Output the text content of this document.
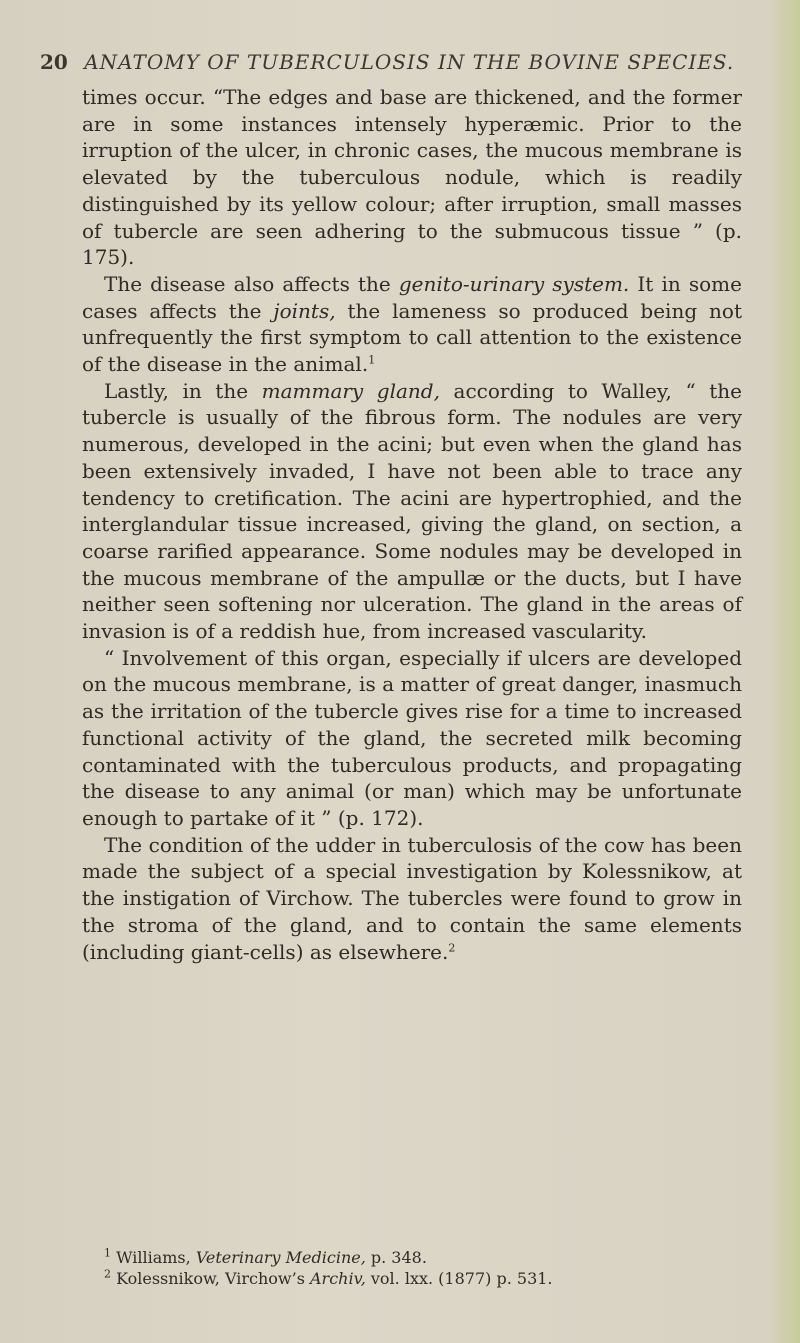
20 ANATOMY OF TUBERCULOSIS IN THE BOVINE SPECIES.

times occur. “The edges and base are thickened, and the former are in some instances intensely hyperæmic. Prior to the irruption of the ulcer, in chronic cases, the mucous membrane is elevated by the tuberculous nodule, which is readily distinguished by its yellow colour; after irruption, small masses of tubercle are seen adhering to the submucous tissue ” (p. 175).

The disease also affects the genito-urinary system. It in some cases affects the joints, the lameness so produced being not unfrequently the first symptom to call attention to the existence of the disease in the animal.$^1$

Lastly, in the mammary gland, according to Walley, “ the tubercle is usually of the fibrous form. The nodules are very numerous, developed in the acini; but even when the gland has been extensively invaded, I have not been able to trace any tendency to cretification. The acini are hypertrophied, and the interglandular tissue increased, giving the gland, on section, a coarse rarified appearance. Some nodules may be developed in the mucous membrane of the ampullæ or the ducts, but I have neither seen softening nor ulceration. The gland in the areas of invasion is of a reddish hue, from increased vascularity.

“ Involvement of this organ, especially if ulcers are developed on the mucous membrane, is a matter of great danger, inasmuch as the irritation of the tubercle gives rise for a time to increased functional activity of the gland, the secreted milk becoming contaminated with the tuberculous products, and propagating the disease to any animal (or man) which may be unfortunate enough to partake of it ” (p. 172).

The condition of the udder in tuberculosis of the cow has been made the subject of a special investigation by Kolessnikow, at the instigation of Virchow. The tubercles were found to grow in the stroma of the gland, and to contain the same elements (including giant-cells) as elsewhere.$^2$

$^1$ Williams, Veterinary Medicine, p. 348.

$^2$ Kolessnikow, Virchow’s Archiv, vol. lxx. (1877) p. 531.
